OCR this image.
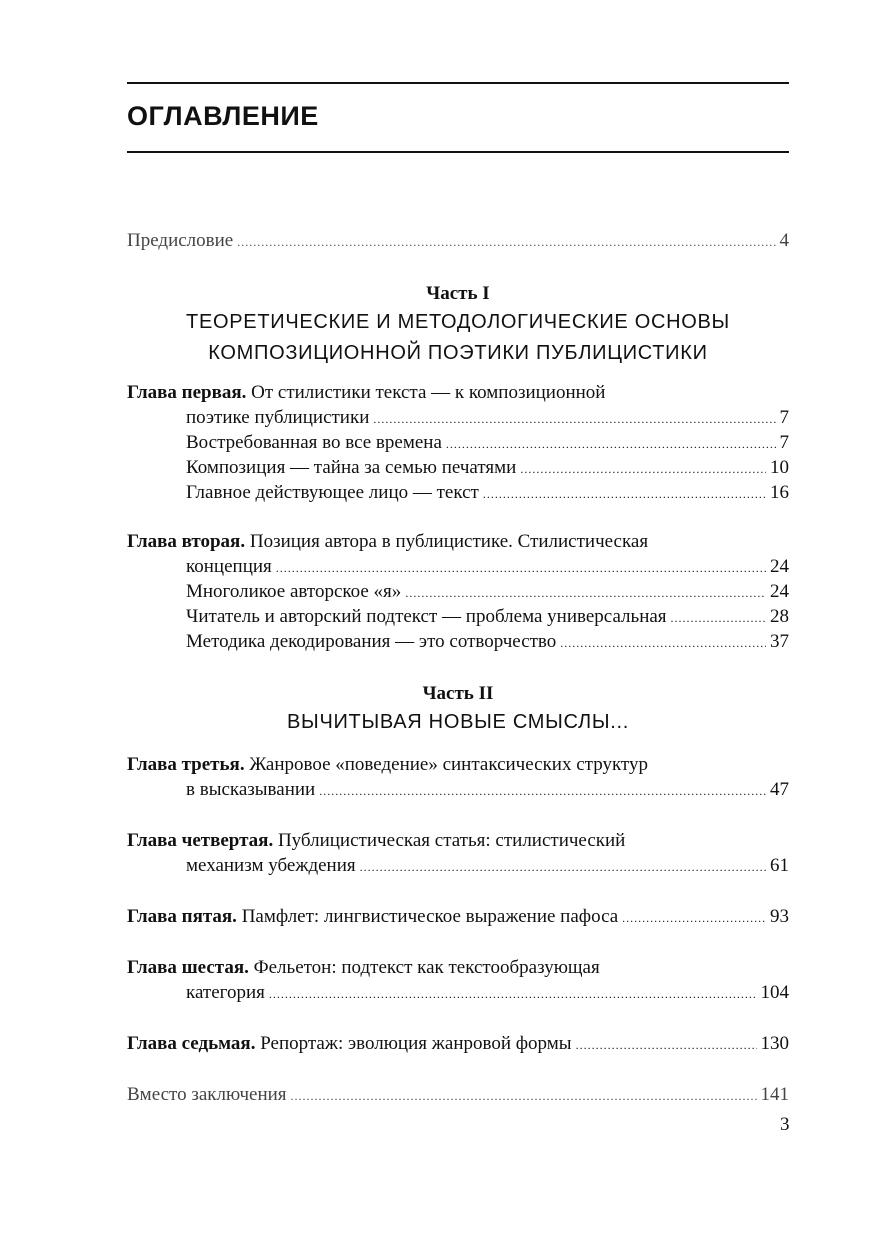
ОГЛАВЛЕНИЕ
Предисловие .....	4
Часть I
ТЕОРЕТИЧЕСКИЕ И МЕТОДОЛОГИЧЕСКИЕ ОСНОВЫ
КОМПОЗИЦИОННОЙ ПОЭТИКИ ПУБЛИЦИСТИКИ
Глава первая. От стилистики текста — к композиционной
поэтике публицистики .....	7
Востребованная во все времена .....	7
Композиция — тайна за семью печатями .....	10
Главное действующее лицо — текст .....	16
Глава вторая. Позиция автора в публицистике. Стилистическая
концепция .....	24
Многоликое авторское «я» .....	24
Читатель и авторский подтекст — проблема универсальная .....	28
Методика декодирования — это сотворчество .....	37
Часть II
ВЫЧИТЫВАЯ НОВЫЕ СМЫСЛЫ...
Глава третья. Жанровое «поведение» синтаксических структур
в высказывании .....	47
Глава четвертая. Публицистическая статья: стилистический
механизм убеждения .....	61
Глава пятая. Памфлет: лингвистическое выражение пафоса .....	93
Глава шестая. Фельетон: подтекст как текстообразующая
категория .....	104
Глава седьмая. Репортаж: эволюция жанровой формы .....	130
Вместо заключения .....	141
3
